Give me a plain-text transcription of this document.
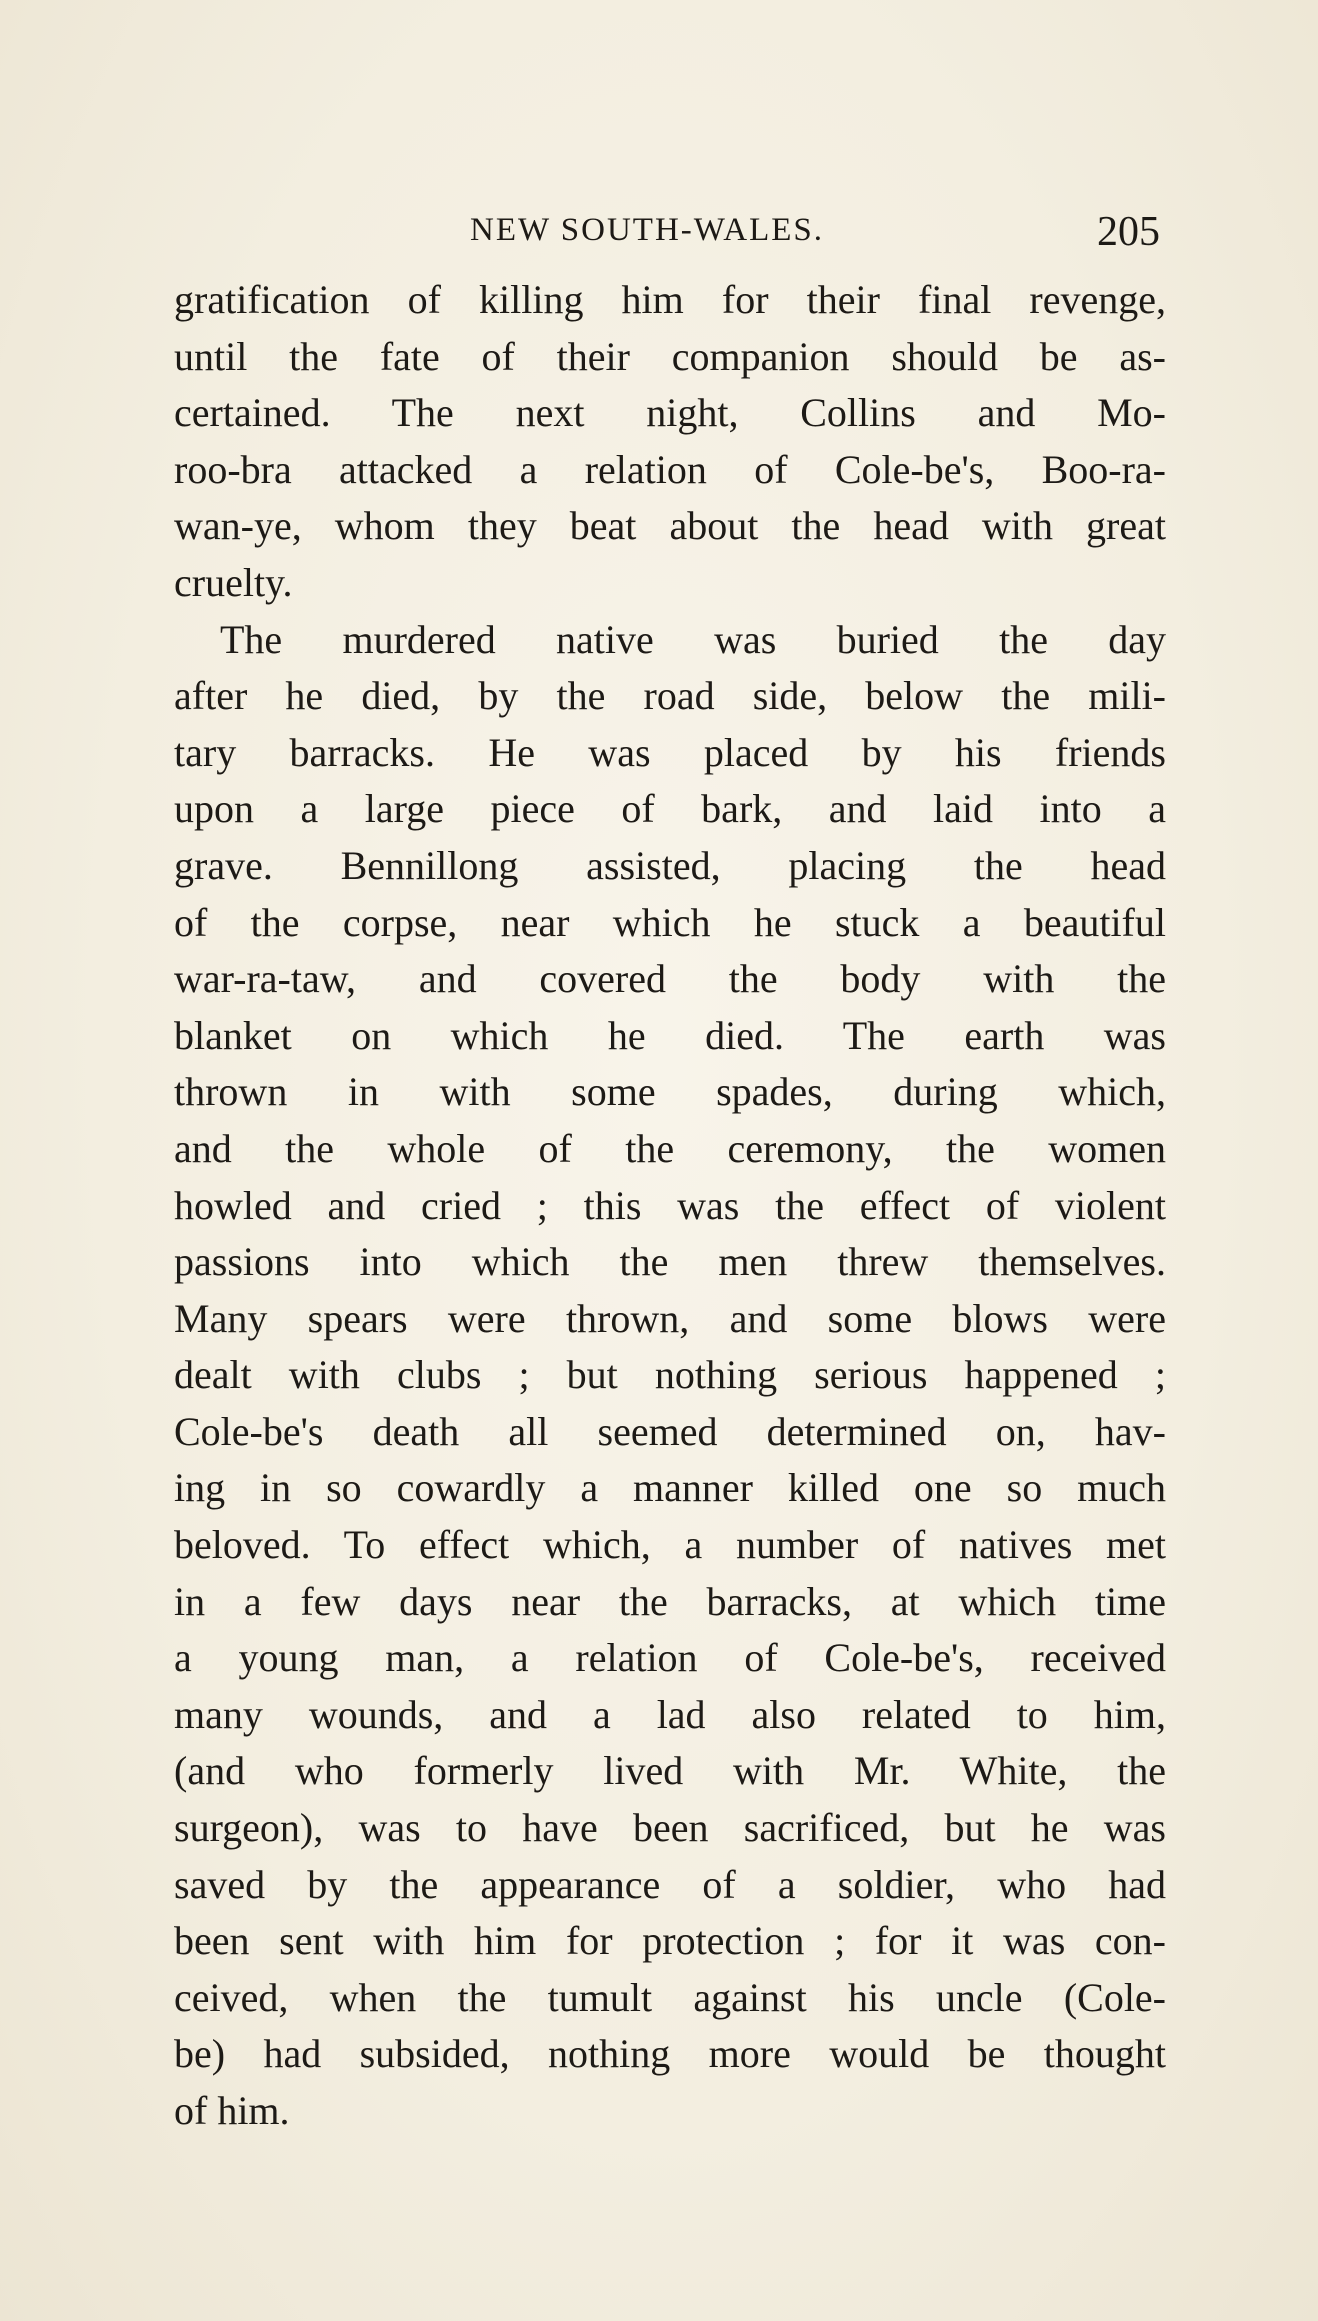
NEW SOUTH-WALES.	205
gratification of killing him for their final revenge,
until the fate of their companion should be as-
certained. The next night, Collins and Mo-
roo-bra attacked a relation of Cole-be's, Boo-ra-
wan-ye, whom they beat about the head with great
cruelty.
The murdered native was buried the day
after he died, by the road side, below the mili-
tary barracks. He was placed by his friends
upon a large piece of bark, and laid into a
grave. Bennillong assisted, placing the head
of the corpse, near which he stuck a beautiful
war-ra-taw, and covered the body with the
blanket on which he died. The earth was
thrown in with some spades, during which,
and the whole of the ceremony, the women
howled and cried ; this was the effect of violent
passions into which the men threw themselves.
Many spears were thrown, and some blows were
dealt with clubs ; but nothing serious happened ;
Cole-be's death all seemed determined on, hav-
ing in so cowardly a manner killed one so much
beloved. To effect which, a number of natives met
in a few days near the barracks, at which time
a young man, a relation of Cole-be's, received
many wounds, and a lad also related to him,
(and who formerly lived with Mr. White, the
surgeon), was to have been sacrificed, but he was
saved by the appearance of a soldier, who had
been sent with him for protection ; for it was con-
ceived, when the tumult against his uncle (Cole-
be) had subsided, nothing more would be thought
of him.
